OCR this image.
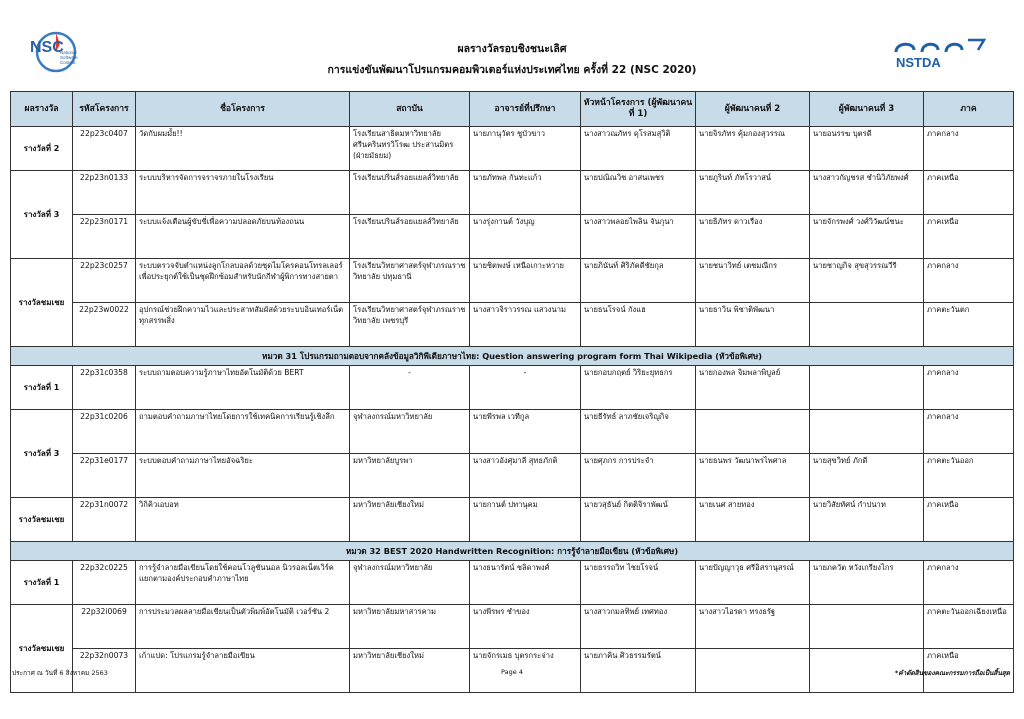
NSC
National
Software
Contest	NSTDA
ผลรางวัลรอบชิงชนะเลิศ
การแข่งขันพัฒนาโปรแกรมคอมพิวเตอร์แห่งประเทศไทย ครั้งที่ 22 (NSC 2020)
ผลรางวัล	รหัสโครงการ	ชื่อโครงการ	สถาบัน	อาจารย์ที่ปรึกษา	หัวหน้าโครงการ (ผู้พัฒนาคนที่ 1)	ผู้พัฒนาคนที่ 2	ผู้พัฒนาคนที่ 3	ภาค
รางวัลที่ 2	22p23c0407	วัดกับผมมั้ย!!	โรงเรียนสาธิตมหาวิทยาลัยศรีนครินทรวิโรฒ ประสานมิตร (ฝ่ายมัธยม)	นายภานุวัตร ชูบัวขาว	นางสาวณภัทร ดุโรสมสุวิติ	นายจิรภัทร คุ้มกองสุวรรณ	นายอนรรฆ บุตรดี	ภาคกลาง
รางวัลที่ 3	22p23n0133	ระบบบริหารจัดการจราจรภายในโรงเรียน	โรงเรียนปรินส์รอยแยลส์วิทยาลัย	นายภัทพล กันทะแก้ว	นายปณิณวิช อาสนเพชร	นายภูรินท์ ภัทโรวาสน์	นางสาวกัญชรส ชำนิวิภัยพงศ์	ภาคเหนือ
	22p23n0171	ระบบแจ้งเตือนผู้ขับขี่เพื่อความปลอดภัยบนท้องถนน	โรงเรียนปรินส์รอยแยลส์วิทยาลัย	นางรุ่งกานต์ วังบุญ	นางสาวพลอยไพลิน จันกุนา	นายธิภัทร ดาวเรือง	นายจักรพงศ์ วงศ์วิวัฒน์ชนะ	ภาคเหนือ
รางวัลชมเชย	22p23c0257	ระบบตรวจจับตำแหน่งลูกโกลบอลด้วยชุดไมโครคอนโทรลเลอร์ เพื่อประยุกต์ใช้เป็นชุดฝึกซ้อมสำหรับนักกีฬาผู้พิการทางสายตา	โรงเรียนวิทยาศาสตร์จุฬาภรณราชวิทยาลัย ปทุมธานี	นายชิตพงษ์ เหนือเกาะหวาย	นายภินันท์ ศิริภัคดีชัยกุล	นายชนาวิทย์ เตชมณีกร	นายชาญกิจ สุขสุวรรณวีรี	ภาคกลาง
	22p23w0022	อุปกรณ์ช่วยฝึกความไวและประสาทสัมผัสด้วยระบบอินเทอร์เน็ตทุกสรรพสิ่ง	โรงเรียนวิทยาศาสตร์จุฬาภรณราชวิทยาลัย เพชรบุรี	นางสาวจิราวรรณ แสวงนาม	นายธนโรจน์ กังแฮ	นายธาวิน พิชาติพัฒนา		ภาคตะวันตก
หมวด 31 โปรแกรมถามตอบจากคลังข้อมูลวิกิพีเดียภาษาไทย: Question answering program form Thai Wikipedia (หัวข้อพิเศษ)								
รางวัลที่ 1	22p31c0358	ระบบถามตอบความรู้ภาษาไทยอัตโนมัติด้วย BERT	-	-	นายกอบกฤตย์ วิริยะยุทธกร	นายกองพล จิมพลาพิบูลย์		ภาคกลาง
รางวัลที่ 3	22p31c0206	ถามตอบคำถามภาษาไทยโดยการใช้เทคนิคการเรียนรู้เชิงลึก	จุฬาลงกรณ์มหาวิทยาลัย	นายพีรพล เวทีกูล	นายธีรัทธ์ ลาภชัยเจริญกิจ			ภาคกลาง
	22p31e0177	ระบบตอบคำถามภาษาไทยอัจฉริยะ	มหาวิทยาลัยบูรพา	นางสาวอังศุมาลี สุทธภักติ	นายศุภกร การประจำ	นายธนพร วัฒนาพรไพศาล	นายสุขวิทย์ ภักดี	ภาคตะวันออก
รางวัลชมเชย	22p31n0072	วิกิคิวเอบอท	มหาวิทยาลัยเชียงใหม่	นายกานต์ ปทานุคม	นายวสุธันย์ กิตติจิราพัฒน์	นายเนศ สายทอง	นายวิสัยทัศน์ กำปนาท	ภาคเหนือ
หมวด 32 BEST 2020 Handwritten Recognition: การรู้จำลายมือเขียน (หัวข้อพิเศษ)								
รางวัลที่ 1	22p32c0225	การรู้จำลายมือเขียนโดยใช้คอนโวลูชันนอล นิวรอลเน็ตเวิร์คแยกตามองค์ประกอบคำภาษาไทย	จุฬาลงกรณ์มหาวิทยาลัย	นางธนารัตน์ ชลิดาพงศ์	นายธรรถวิท ไชยโรจน์	นายปัญญาวุธ ศรีอิสรานุสรณ์	นายภควัต หวังเกรียงไกร	ภาคกลาง
รางวัลชมเชย	22p32i0069	การประมวลผลลายมือเขียนเป็นตัวพิมพ์อัตโนมัติ เวอร์ชัน 2	มหาวิทยาลัยมหาสารคาม	นางพีรพร ชำของ	นางสาวกมลทิพย์ เทศทอง	นางสาวไอรดา ทรงธรัฐ		ภาคตะวันออกเฉียงเหนือ
	22p32n0073	เก้าแปด: โปรแกรมรู้จำลายมือเขียน	มหาวิทยาลัยเชียงใหม่	นายจักรเมธ บุตรกระจ่าง	นายภาคิน ศิวธรรมรัตน์			ภาคเหนือ
ประกาศ ณ วันที่ 6 สิงหาคม 2563	Page 4	*คำตัดสินของคณะกรรมการถือเป็นสิ้นสุด
